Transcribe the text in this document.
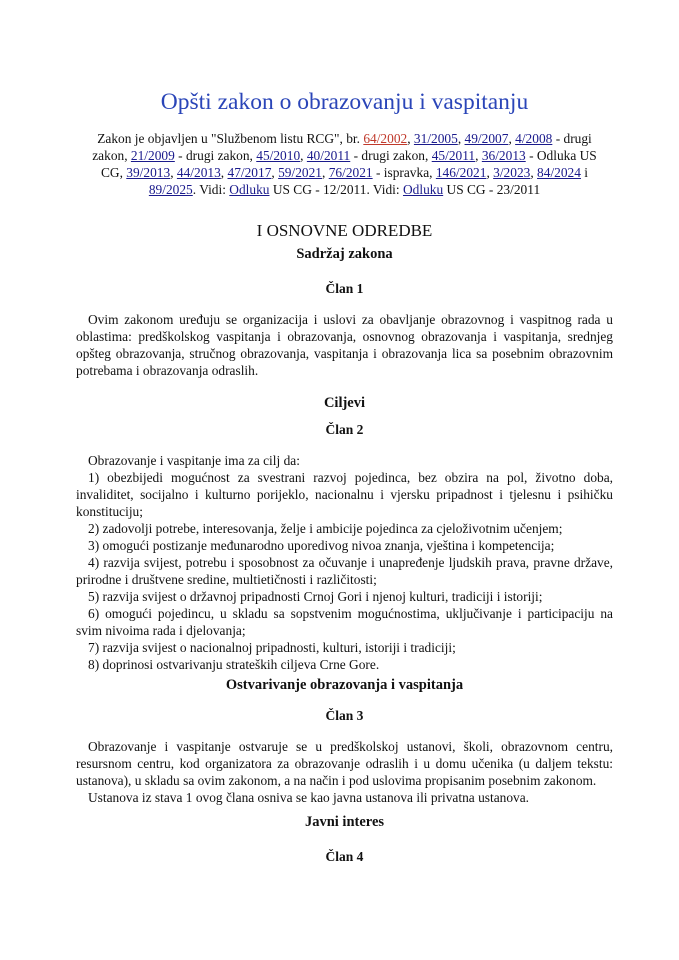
Opšti zakon o obrazovanju i vaspitanju
Zakon je objavljen u "Službenom listu RCG", br. 64/2002, 31/2005, 49/2007, 4/2008 - drugi zakon, 21/2009 - drugi zakon, 45/2010, 40/2011 - drugi zakon, 45/2011, 36/2013 - Odluka US CG, 39/2013, 44/2013, 47/2017, 59/2021, 76/2021 - ispravka, 146/2021, 3/2023, 84/2024 i 89/2025. Vidi: Odluku US CG - 12/2011. Vidi: Odluku US CG - 23/2011
I OSNOVNE ODREDBE
Sadržaj zakona
Član 1

Ovim zakonom uređuju se organizacija i uslovi za obavljanje obrazovnog i vaspitnog rada u oblastima: predškolskog vaspitanja i obrazovanja, osnovnog obrazovanja i vaspitanja, srednjeg opšteg obrazovanja, stručnog obrazovanja, vaspitanja i obrazovanja lica sa posebnim obrazovnim potrebama i obrazovanja odraslih.

Ciljevi
Član 2

Obrazovanje i vaspitanje ima za cilj da:

1) obezbijedi mogućnost za svestrani razvoj pojedinca, bez obzira na pol, životno doba, invaliditet, socijalno i kulturno porijeklo, nacionalnu i vjersku pripadnost i tjelesnu i psihičku konstituciju;

2) zadovolji potrebe, interesovanja, želje i ambicije pojedinca za cjeloživotnim učenjem;

3) omogući postizanje međunarodno uporedivog nivoa znanja, vještina i kompetencija;

4) razvija svijest, potrebu i sposobnost za očuvanje i unapređenje ljudskih prava, pravne države, prirodne i društvene sredine, multietičnosti i različitosti;

5) razvija svijest o državnoj pripadnosti Crnoj Gori i njenoj kulturi, tradiciji i istoriji;

6) omogući pojedincu, u skladu sa sopstvenim mogućnostima, uključivanje i participaciju na svim nivoima rada i djelovanja;

7) razvija svijest o nacionalnoj pripadnosti, kulturi, istoriji i tradiciji;

8) doprinosi ostvarivanju strateških ciljeva Crne Gore.

Ostvarivanje obrazovanja i vaspitanja
Član 3

Obrazovanje i vaspitanje ostvaruje se u predškolskoj ustanovi, školi, obrazovnom centru, resursnom centru, kod organizatora za obrazovanje odraslih i u domu učenika (u daljem tekstu: ustanova), u skladu sa ovim zakonom, a na način i pod uslovima propisanim posebnim zakonom.

Ustanova iz stava 1 ovog člana osniva se kao javna ustanova ili privatna ustanova.

Javni interes
Član 4
